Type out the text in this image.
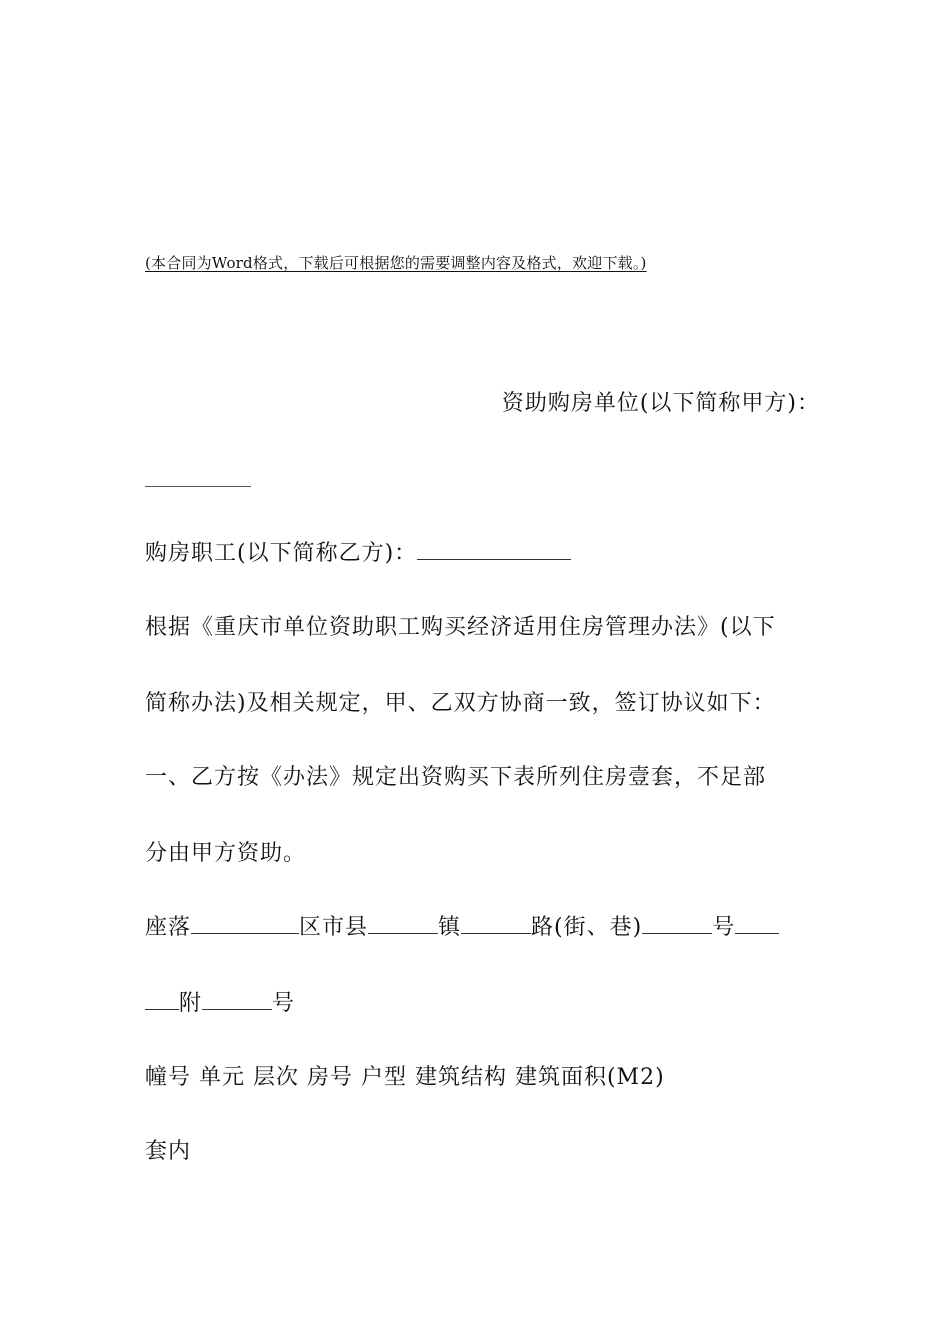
(本合同为Word格式，下载后可根据您的需要调整内容及格式，欢迎下载。)
资助购房单位(以下简称甲方)：
购房职工(以下简称乙方)：
根据《重庆市单位资助职工购买经济适用住房管理办法》(以下
简称办法)及相关规定，甲、乙双方协商一致，签订协议如下：
一、乙方按《办法》规定出资购买下表所列住房壹套，不足部
分由甲方资助。
座落	区市县	镇	路(街、巷)	号
附	号
幢号 单元 层次 房号 户型 建筑结构 建筑面积(M2)
套内
